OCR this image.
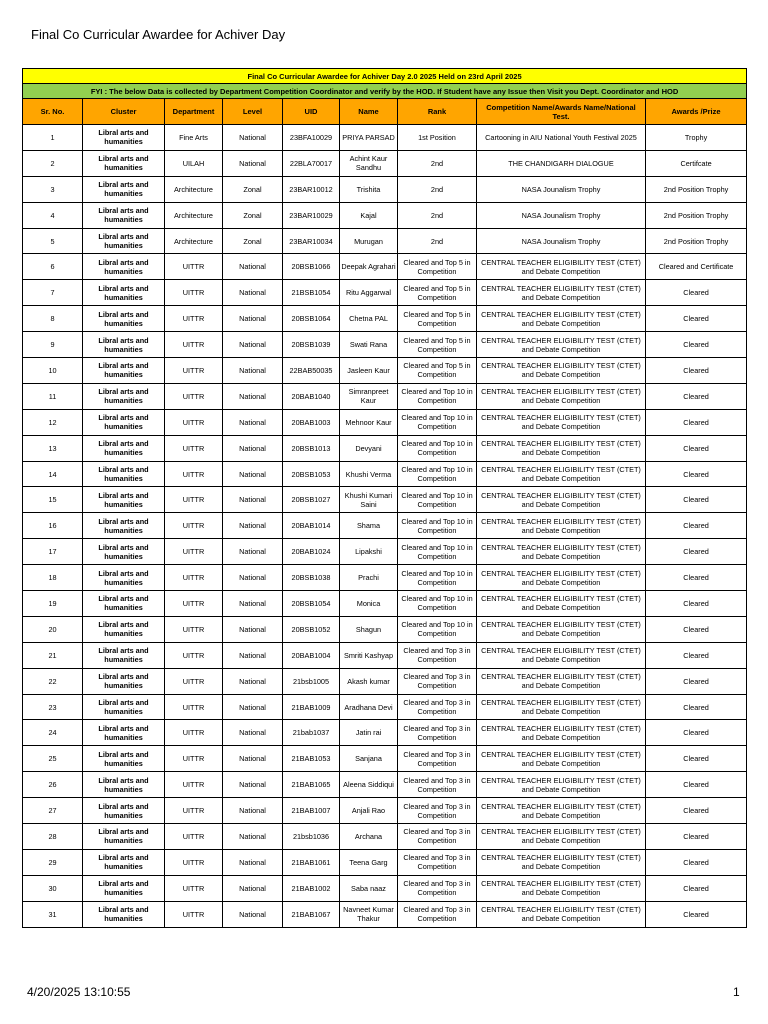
Final Co Curricular Awardee for Achiver Day
Final Co Curricular Awardee for Achiver Day 2.0 2025 Held on 23rd April 2025								
FYI : The below Data is collected by Department Competition Coordinator and verify by the HOD. If Student have any Issue then Visit you Dept. Coordinator and HOD								
Sr. No.	Cluster	Department	Level	UID	Name	Rank	Competition Name/Awards Name/National Test.	Awards /Prize
1	Libral arts and humanities	Fine Arts	National	23BFA10029	PRIYA PARSAD	1st Position	Cartooning in AIU National Youth Festival 2025	Trophy
2	Libral arts and humanities	UILAH	National	22BLA70017	Achint Kaur Sandhu	2nd	THE CHANDIGARH DIALOGUE	Certifcate
3	Libral arts and humanities	Architecture	Zonal	23BAR10012	Trishita	2nd	NASA Jounalism Trophy	2nd Position Trophy
4	Libral arts and humanities	Architecture	Zonal	23BAR10029	Kajal	2nd	NASA Jounalism Trophy	2nd Position Trophy
5	Libral arts and humanities	Architecture	Zonal	23BAR10034	Murugan	2nd	NASA Jounalism Trophy	2nd Position Trophy
6	Libral arts and humanities	UITTR	National	20BSB1066	Deepak Agrahari	Cleared and Top 5 in Competition	CENTRAL TEACHER ELIGIBILITY TEST (CTET) and Debate Competition	Cleared and Certificate
7	Libral arts and humanities	UITTR	National	21BSB1054	Ritu Aggarwal	Cleared and Top 5 in Competition	CENTRAL TEACHER ELIGIBILITY TEST (CTET) and Debate Competition	Cleared
8	Libral arts and humanities	UITTR	National	20BSB1064	Chetna PAL	Cleared and Top 5 in Competition	CENTRAL TEACHER ELIGIBILITY TEST (CTET) and Debate Competition	Cleared
9	Libral arts and humanities	UITTR	National	20BSB1039	Swati Rana	Cleared and Top 5 in Competition	CENTRAL TEACHER ELIGIBILITY TEST (CTET) and Debate Competition	Cleared
10	Libral arts and humanities	UITTR	National	22BAB50035	Jasleen Kaur	Cleared and Top 5 in Competition	CENTRAL TEACHER ELIGIBILITY TEST (CTET) and Debate Competition	Cleared
11	Libral arts and humanities	UITTR	National	20BAB1040	Simranpreet Kaur	Cleared and Top 10 in Competition	CENTRAL TEACHER ELIGIBILITY TEST (CTET) and Debate Competition	Cleared
12	Libral arts and humanities	UITTR	National	20BAB1003	Mehnoor Kaur	Cleared and Top 10 in Competition	CENTRAL TEACHER ELIGIBILITY TEST (CTET) and Debate Competition	Cleared
13	Libral arts and humanities	UITTR	National	20BSB1013	Devyani	Cleared and Top 10 in Competition	CENTRAL TEACHER ELIGIBILITY TEST (CTET) and Debate Competition	Cleared
14	Libral arts and humanities	UITTR	National	20BSB1053	Khushi Verma	Cleared and Top 10 in Competition	CENTRAL TEACHER ELIGIBILITY TEST (CTET) and Debate Competition	Cleared
15	Libral arts and humanities	UITTR	National	20BSB1027	Khushi Kumari Saini	Cleared and Top 10 in Competition	CENTRAL TEACHER ELIGIBILITY TEST (CTET) and Debate Competition	Cleared
16	Libral arts and humanities	UITTR	National	20BAB1014	Shama	Cleared and Top 10 in Competition	CENTRAL TEACHER ELIGIBILITY TEST (CTET) and Debate Competition	Cleared
17	Libral arts and humanities	UITTR	National	20BAB1024	Lipakshi	Cleared and Top 10 in Competition	CENTRAL TEACHER ELIGIBILITY TEST (CTET) and Debate Competition	Cleared
18	Libral arts and humanities	UITTR	National	20BSB1038	Prachi	Cleared and Top 10 in Competition	CENTRAL TEACHER ELIGIBILITY TEST (CTET) and Debate Competition	Cleared
19	Libral arts and humanities	UITTR	National	20BSB1054	Monica	Cleared and Top 10 in Competition	CENTRAL TEACHER ELIGIBILITY TEST (CTET) and Debate Competition	Cleared
20	Libral arts and humanities	UITTR	National	20BSB1052	Shagun	Cleared and Top 10 in Competition	CENTRAL TEACHER ELIGIBILITY TEST (CTET) and Debate Competition	Cleared
21	Libral arts and humanities	UITTR	National	20BAB1004	Smriti Kashyap	Cleared and Top 3 in Competition	CENTRAL TEACHER ELIGIBILITY TEST (CTET) and Debate Competition	Cleared
22	Libral arts and humanities	UITTR	National	21bsb1005	Akash kumar	Cleared and Top 3 in Competition	CENTRAL TEACHER ELIGIBILITY TEST (CTET) and Debate Competition	Cleared
23	Libral arts and humanities	UITTR	National	21BAB1009	Aradhana Devi	Cleared and Top 3 in Competition	CENTRAL TEACHER ELIGIBILITY TEST (CTET) and Debate Competition	Cleared
24	Libral arts and humanities	UITTR	National	21bab1037	Jatin rai	Cleared and Top 3 in Competition	CENTRAL TEACHER ELIGIBILITY TEST (CTET) and Debate Competition	Cleared
25	Libral arts and humanities	UITTR	National	21BAB1053	Sanjana	Cleared and Top 3 in Competition	CENTRAL TEACHER ELIGIBILITY TEST (CTET) and Debate Competition	Cleared
26	Libral arts and humanities	UITTR	National	21BAB1065	Aleena Siddiqui	Cleared and Top 3 in Competition	CENTRAL TEACHER ELIGIBILITY TEST (CTET) and Debate Competition	Cleared
27	Libral arts and humanities	UITTR	National	21BAB1007	Anjali Rao	Cleared and Top 3 in Competition	CENTRAL TEACHER ELIGIBILITY TEST (CTET) and Debate Competition	Cleared
28	Libral arts and humanities	UITTR	National	21bsb1036	Archana	Cleared and Top 3 in Competition	CENTRAL TEACHER ELIGIBILITY TEST (CTET) and Debate Competition	Cleared
29	Libral arts and humanities	UITTR	National	21BAB1061	Teena Garg	Cleared and Top 3 in Competition	CENTRAL TEACHER ELIGIBILITY TEST (CTET) and Debate Competition	Cleared
30	Libral arts and humanities	UITTR	National	21BAB1002	Saba naaz	Cleared and Top 3 in Competition	CENTRAL TEACHER ELIGIBILITY TEST (CTET) and Debate Competition	Cleared
31	Libral arts and humanities	UITTR	National	21BAB1067	Navneet Kumar Thakur	Cleared and Top 3 in Competition	CENTRAL TEACHER ELIGIBILITY TEST (CTET) and Debate Competition	Cleared
4/20/2025 13:10:55	1
